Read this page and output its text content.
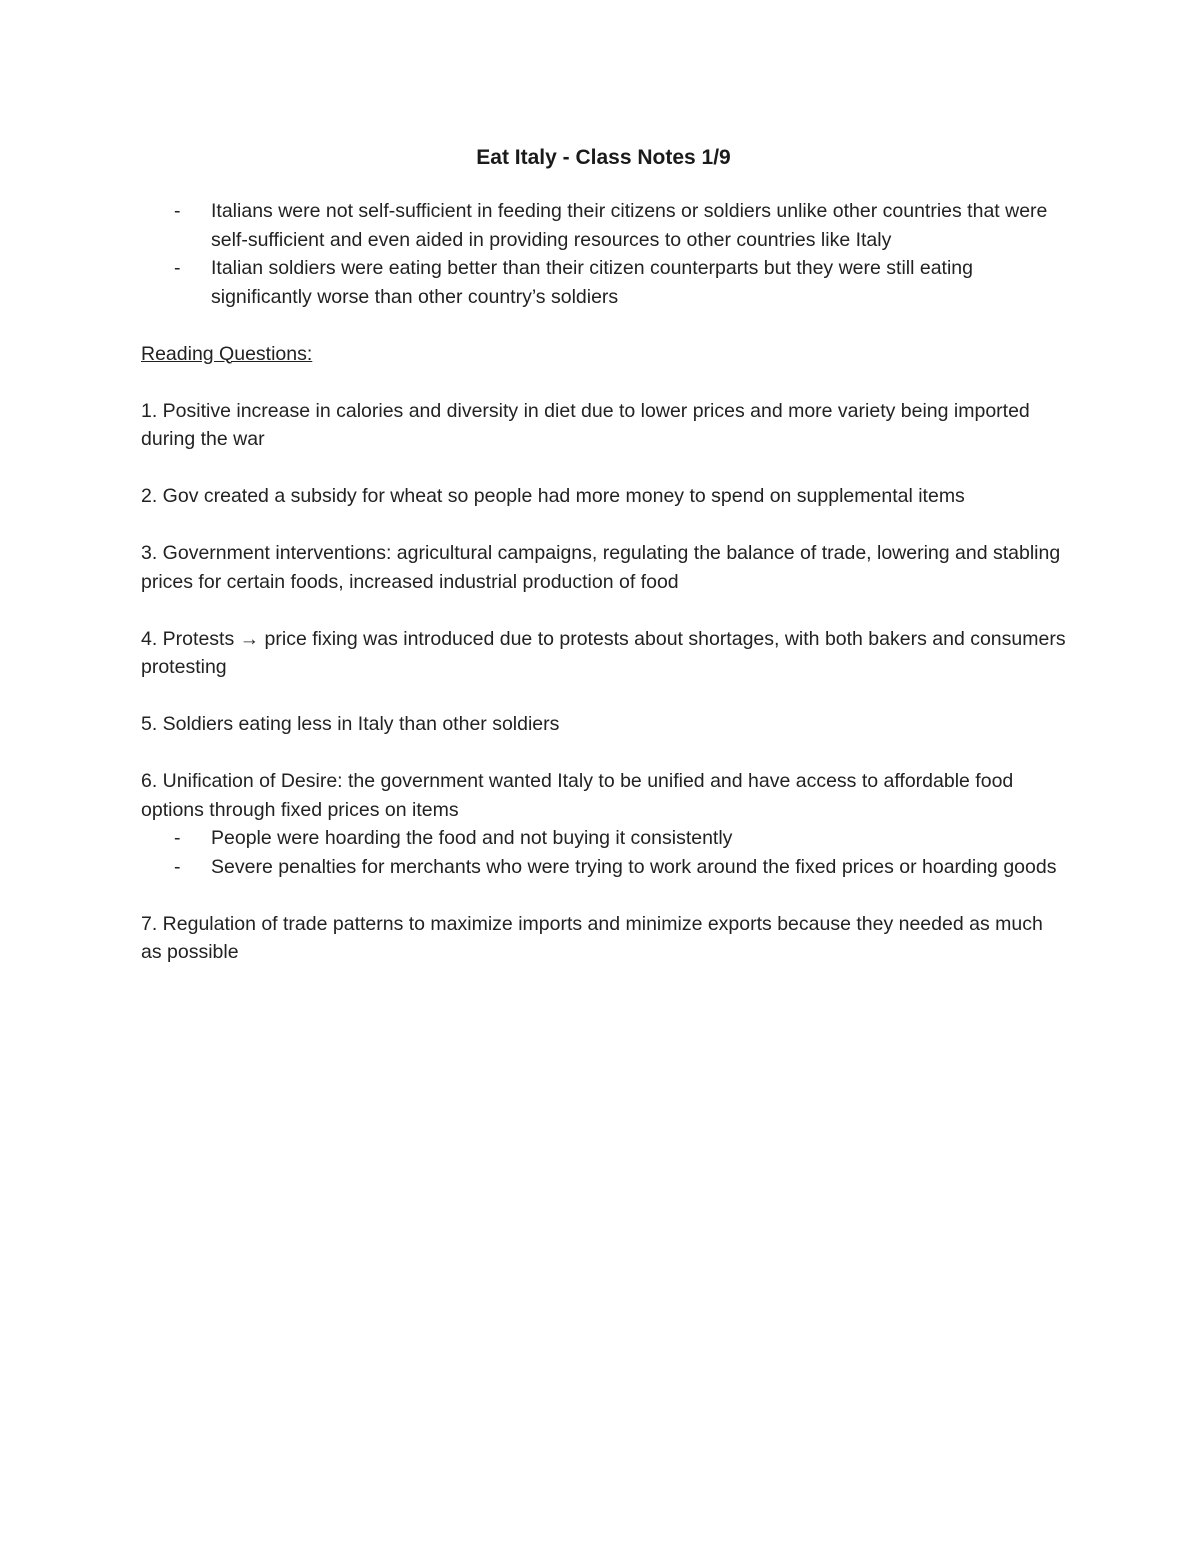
Eat Italy - Class Notes 1/9
- Italians were not self-sufficient in feeding their citizens or soldiers unlike other countries that were self-sufficient and even aided in providing resources to other countries like Italy
- Italian soldiers were eating better than their citizen counterparts but they were still eating significantly worse than other country’s soldiers

Reading Questions:

1. Positive increase in calories and diversity in diet due to lower prices and more variety being imported during the war

2. Gov created a subsidy for wheat so people had more money to spend on supplemental items

3. Government interventions: agricultural campaigns, regulating the balance of trade, lowering and stabling prices for certain foods, increased industrial production of food

4. Protests → price fixing was introduced due to protests about shortages, with both bakers and consumers protesting

5. Soldiers eating less in Italy than other soldiers

6. Unification of Desire: the government wanted Italy to be unified and have access to affordable food options through fixed prices on items

- People were hoarding the food and not buying it consistently
- Severe penalties for merchants who were trying to work around the fixed prices or hoarding goods

7. Regulation of trade patterns to maximize imports and minimize exports because they needed as much as possible
